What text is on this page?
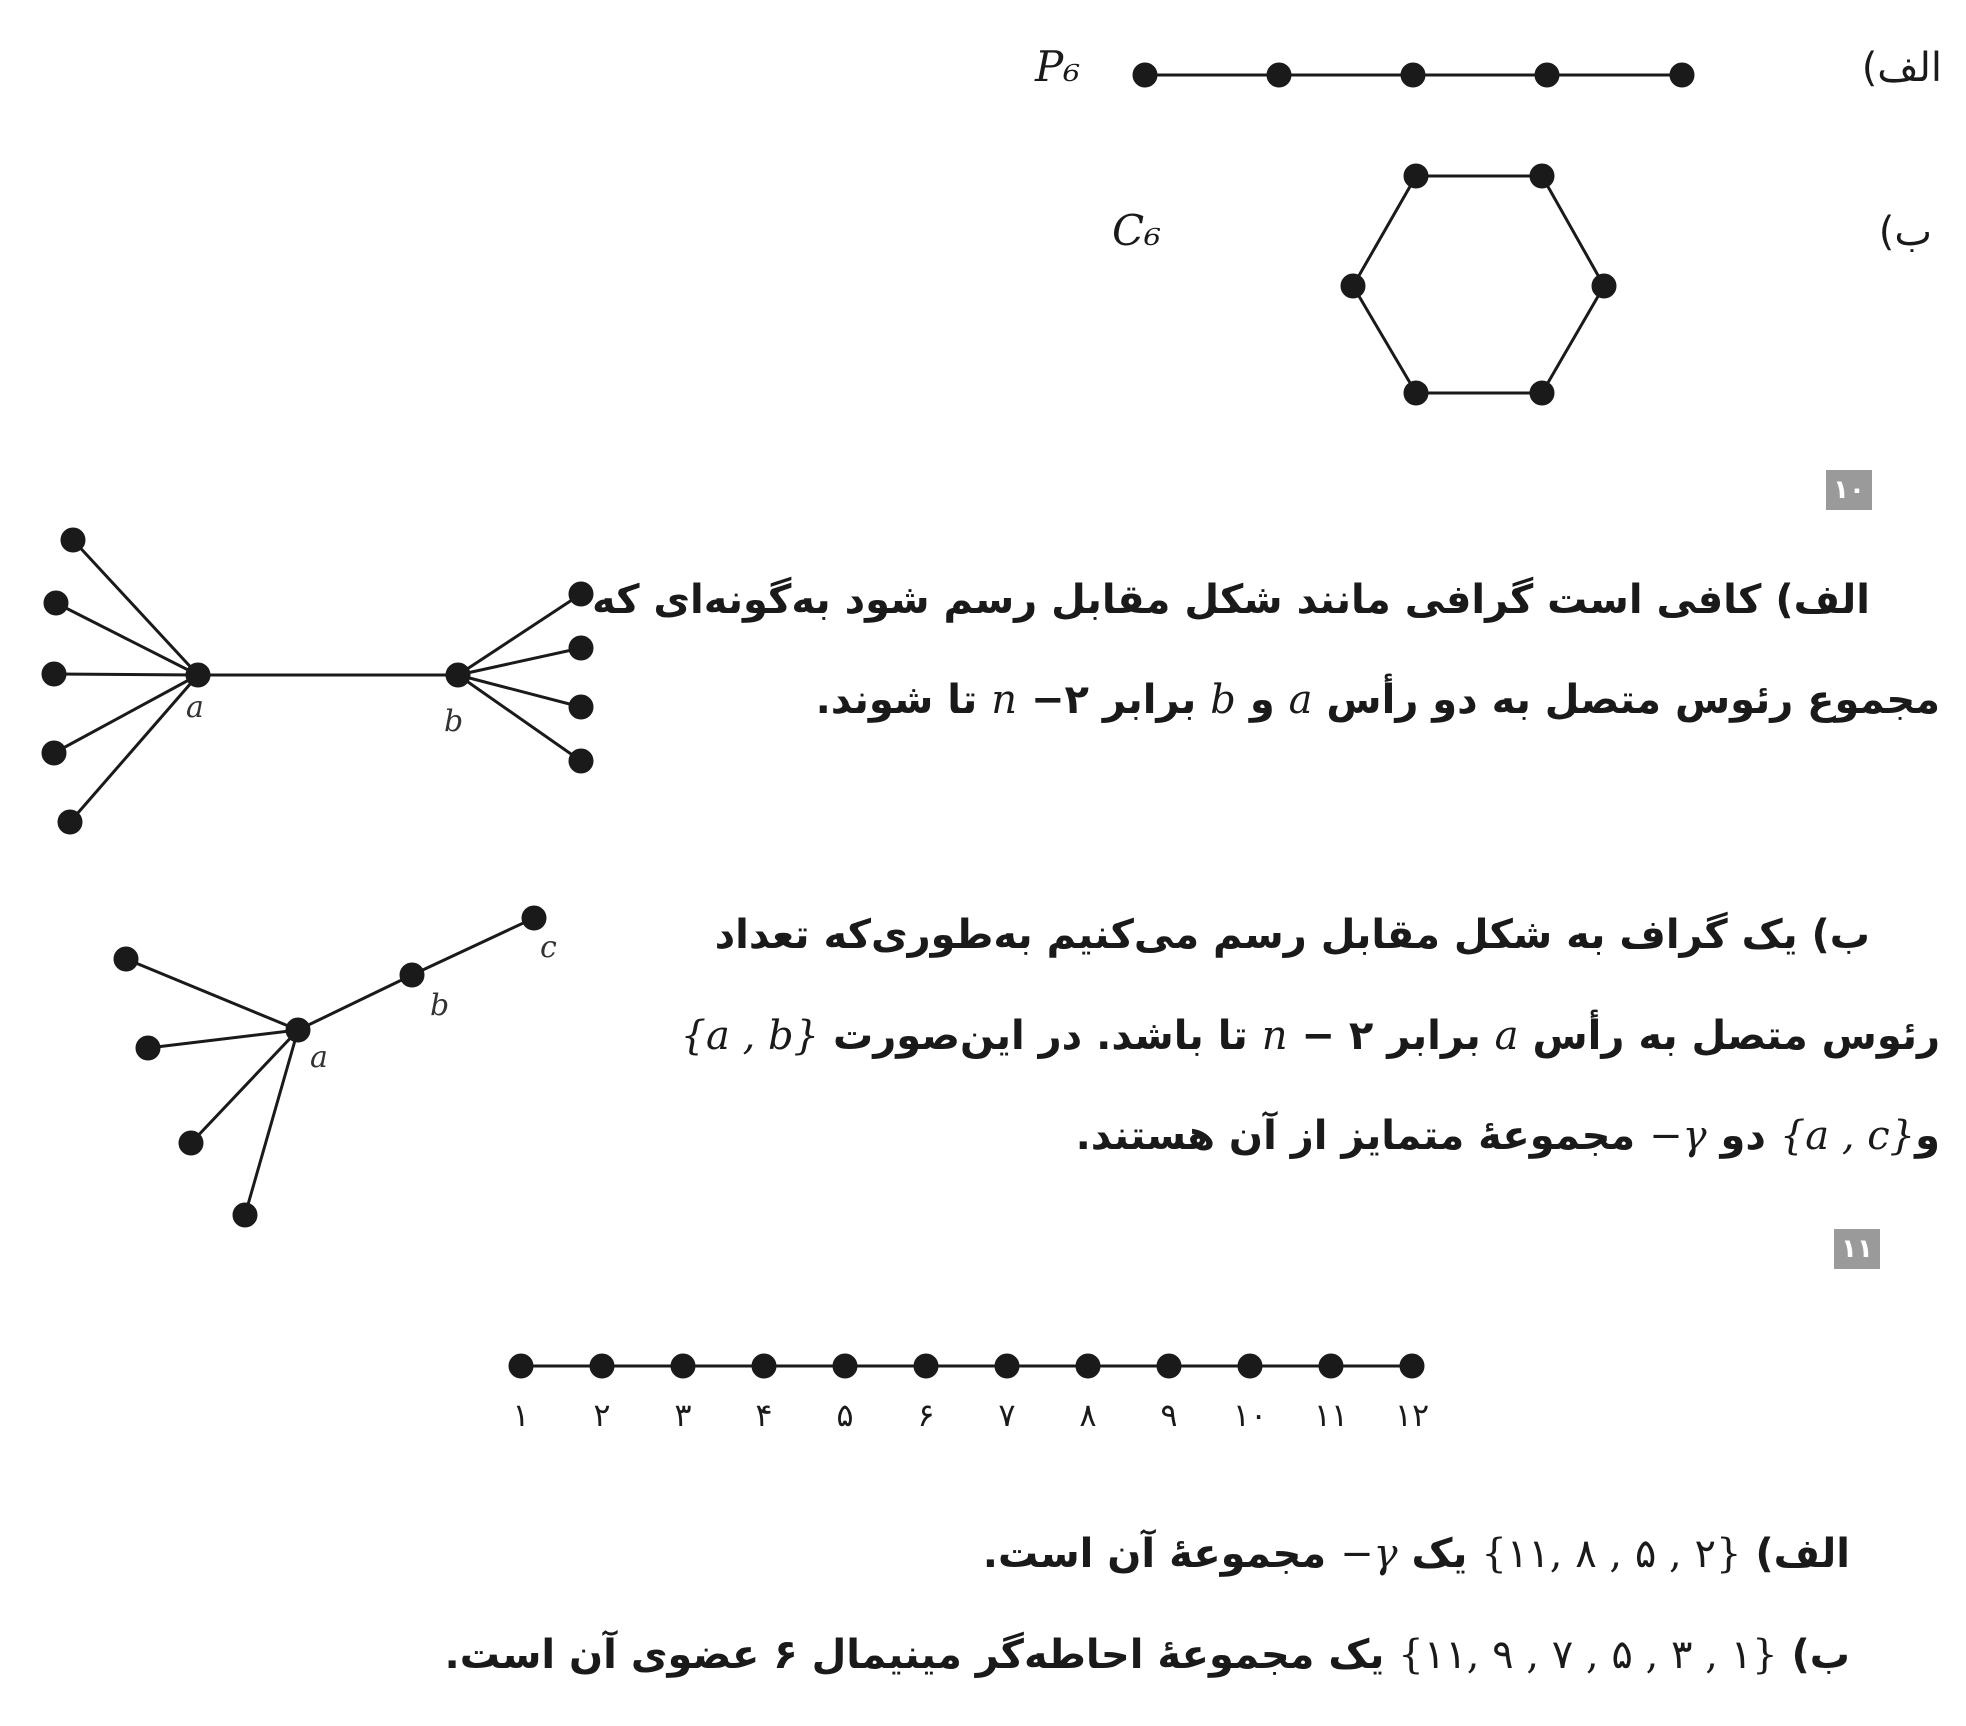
P₆	الف)
C₆	ب)
۱۰
الف) کافی است گرافی مانند شکل مقابل رسم شود به‌گونه‌ای که
مجموع رئوس متصل به دو رأس a و b برابر ۲− n تا شوند.
a	b
ب) یک گراف به شکل مقابل رسم می‌کنیم به‌طوری‌که تعداد
رئوس متصل به رأس a برابر ۲ − n تا باشد. در این‌صورت {a , b}
و{a , c} دو γ− مجموعهٔ متمایز از آن هستند.
c
b
a
۱۱
۱ ۲ ۳ ۴ ۵ ۶ ۷ ۸ ۹ ۱۰ ۱۱ ۱۲
الف) {۱۱, ۸ , ۵ , ۲} یک γ− مجموعهٔ آن است.
ب) {۱۱, ۹ , ۷ , ۵ , ۳ , ۱} یک مجموعهٔ احاطه‌گر مینیمال ۶ عضوی آن است.
